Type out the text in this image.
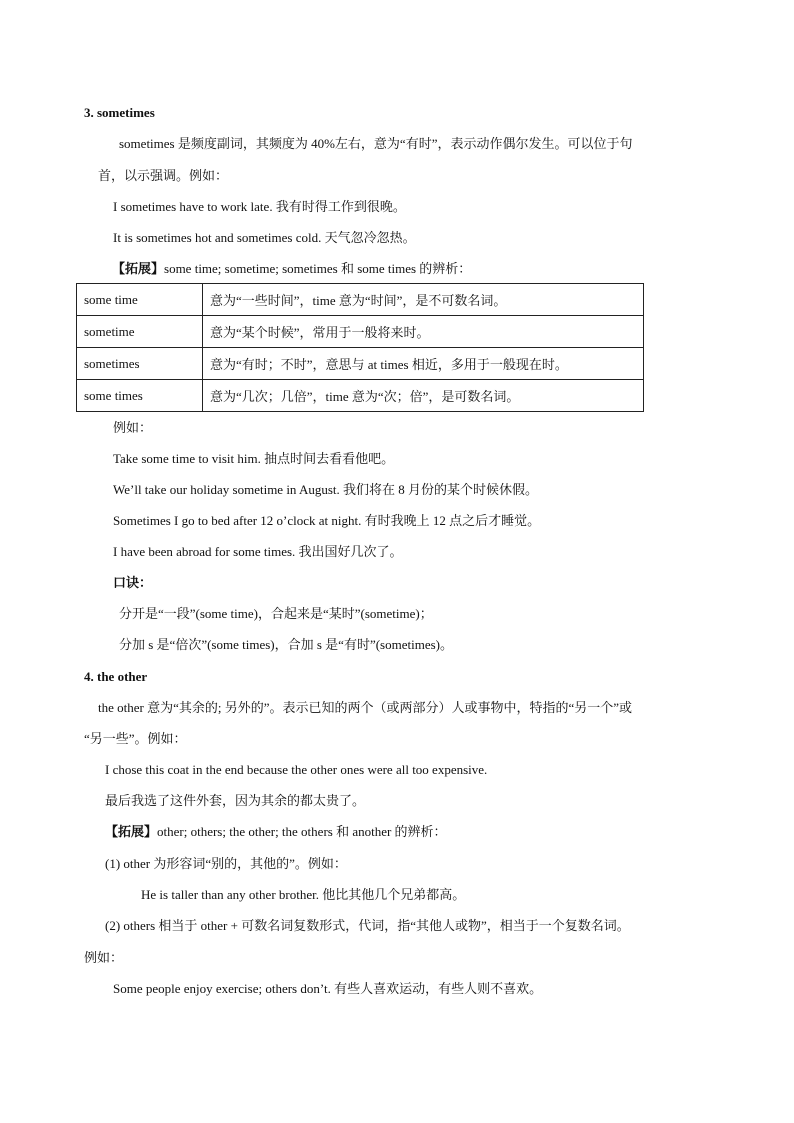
3. sometimes
sometimes 是频度副词，其频度为 40%左右，意为“有时”，表示动作偶尔发生。可以位于句
首，以示强调。例如：
I sometimes have to work late. 我有时得工作到很晚。
It is sometimes hot and sometimes cold. 天气忽冷忽热。
【拓展】some time; sometime; sometimes 和 some times 的辨析：
some time	意为“一些时间”，time 意为“时间”，是不可数名词。
sometime	意为“某个时候”，常用于一般将来时。
sometimes	意为“有时；不时”，意思与 at times 相近，多用于一般现在时。
some times	意为“几次；几倍”，time 意为“次；倍”，是可数名词。
例如：
Take some time to visit him. 抽点时间去看看他吧。
We’ll take our holiday sometime in August. 我们将在 8 月份的某个时候休假。
Sometimes I go to bed after 12 o’clock at night. 有时我晚上 12 点之后才睡觉。
I have been abroad for some times. 我出国好几次了。
口诀：
分开是“一段”(some time)，合起来是“某时”(sometime)；
分加 s 是“倍次”(some times)，合加 s 是“有时”(sometimes)。
4. the other
the other 意为“其余的; 另外的”。表示已知的两个（或两部分）人或事物中，特指的“另一个”或
“另一些”。例如：
I chose this coat in the end because the other ones were all too expensive.
最后我选了这件外套，因为其余的都太贵了。
【拓展】other; others; the other; the others 和 another 的辨析：
(1) other 为形容词“别的，其他的”。例如：
He is taller than any other brother. 他比其他几个兄弟都高。
(2) others 相当于 other + 可数名词复数形式，代词，指“其他人或物”，相当于一个复数名词。
例如：
Some people enjoy exercise; others don’t. 有些人喜欢运动，有些人则不喜欢。
